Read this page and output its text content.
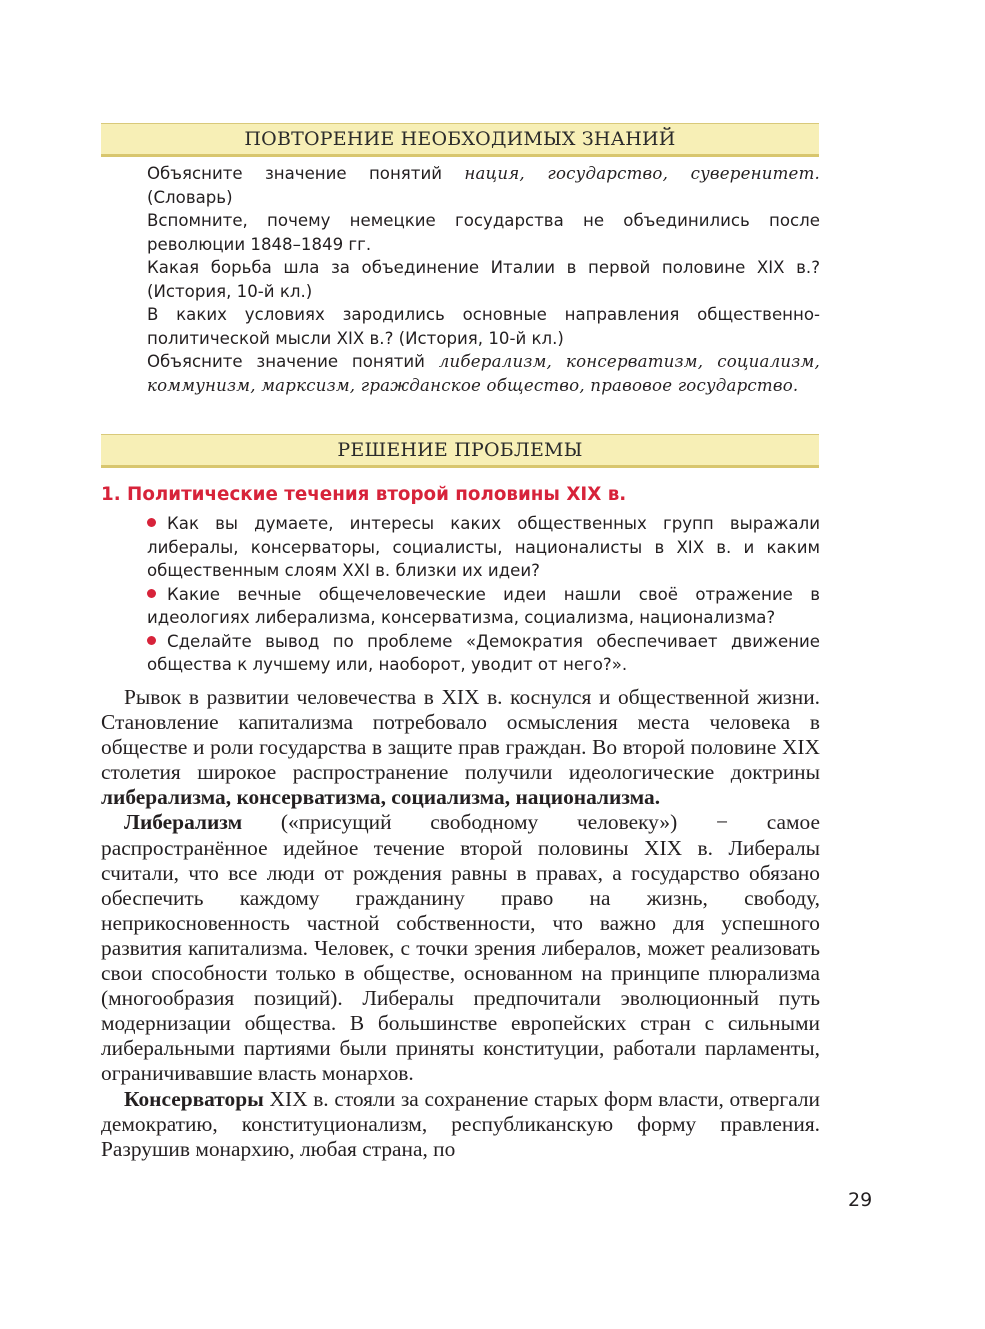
ПОВТОРЕНИЕ НЕОБХОДИМЫХ ЗНАНИЙ

Объясните значение понятий нация, государство, суверенитет. (Словарь)

Вспомните, почему немецкие государства не объединились после революции 1848–1849 гг.

Какая борьба шла за объединение Италии в первой половине XIX в.? (История, 10-й кл.)

В каких условиях зародились основные направления общественно-политической мысли XIX в.? (История, 10-й кл.)

Объясните значение понятий либерализм, консерватизм, социализм, коммунизм, марксизм, гражданское общество, правовое государство.

РЕШЕНИЕ ПРОБЛЕМЫ
1. Политические течения второй половины XIX в.
Как вы думаете, интересы каких общественных групп выражали либералы, консерваторы, социалисты, националисты в XIX в. и каким общественным слоям XXI в. близки их идеи?
Какие вечные общечеловеческие идеи нашли своё отражение в идеологиях либерализма, консерватизма, социализма, национализма?
Сделайте вывод по проблеме «Демократия обеспечивает движение общества к лучшему или, наоборот, уводит от него?».

Рывок в развитии человечества в XIX в. коснулся и общественной жизни. Становление капитализма потребовало осмысления места человека в обществе и роли государства в защите прав граждан. Во второй половине XIX столетия широкое распространение получили идеологические доктрины либерализма, консерватизма, социализма, национализма.

Либерализм («присущий свободному человеку») − самое распространённое идейное течение второй половины XIX в. Либералы считали, что все люди от рождения равны в правах, а государство обязано обеспечить каждому гражданину право на жизнь, свободу, неприкосновенность частной собственности, что важно для успешного развития капитализма. Человек, с точки зрения либералов, может реализовать свои способности только в обществе, основанном на принципе плюрализма (многообразия позиций). Либералы предпочитали эволюционный путь модернизации общества. В большинстве европейских стран с сильными либеральными партиями были приняты конституции, работали парламенты, ограничивавшие власть монархов.

Консерваторы XIX в. стояли за сохранение старых форм власти, отвергали демократию, конституционализм, республиканскую форму правления. Разрушив монархию, любая страна, по

29
